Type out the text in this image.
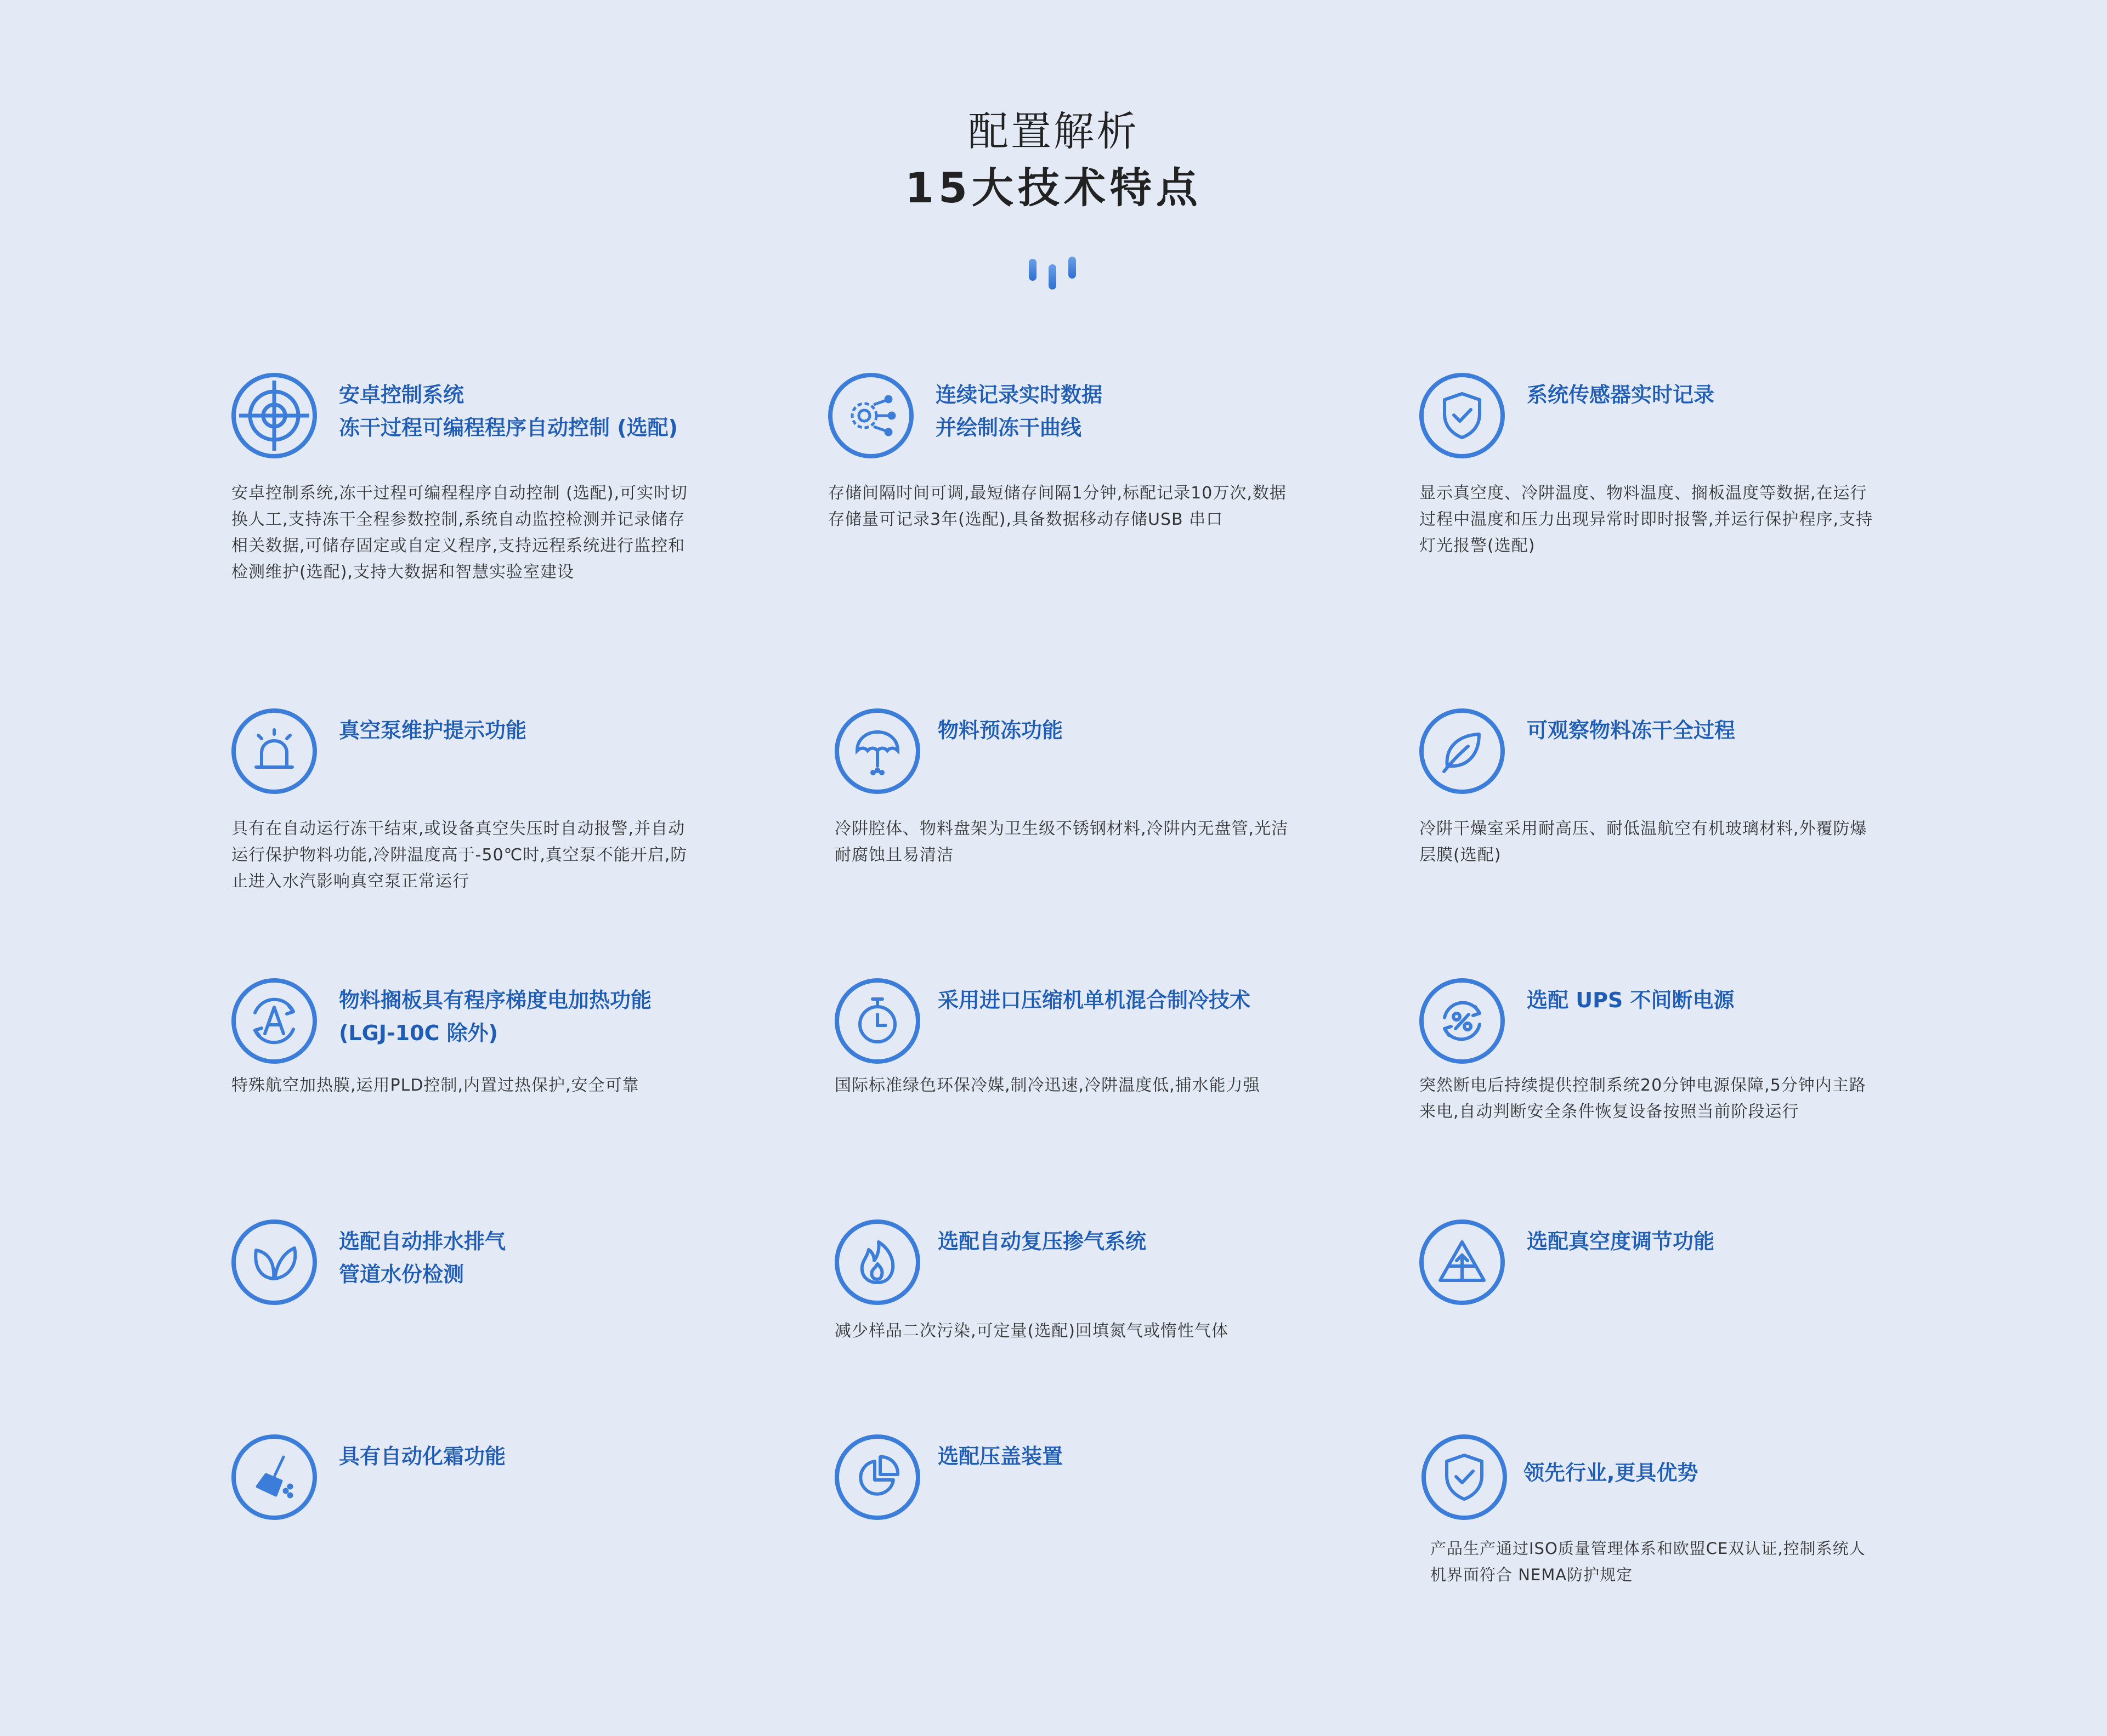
配置解析
15大技术特点
安卓控制系统
冻干过程可编程程序自动控制 (选配)
安卓控制系统,冻干过程可编程程序自动控制 (选配),可实时切换人工,支持冻干全程参数控制,系统自动监控检测并记录储存相关数据,可储存固定或自定义程序,支持远程系统进行监控和检测维护(选配),支持大数据和智慧实验室建设
连续记录实时数据
并绘制冻干曲线
存储间隔时间可调,最短储存间隔1分钟,标配记录10万次,数据存储量可记录3年(选配),具备数据移动存储USB 串口
系统传感器实时记录
显示真空度、冷阱温度、物料温度、搁板温度等数据,在运行过程中温度和压力出现异常时即时报警,并运行保护程序,支持灯光报警(选配)
真空泵维护提示功能
具有在自动运行冻干结束,或设备真空失压时自动报警,并自动运行保护物料功能,冷阱温度高于-50℃时,真空泵不能开启,防止进入水汽影响真空泵正常运行
物料预冻功能
冷阱腔体、物料盘架为卫生级不锈钢材料,冷阱内无盘管,光洁耐腐蚀且易清洁
可观察物料冻干全过程
冷阱干燥室采用耐高压、耐低温航空有机玻璃材料,外覆防爆层膜(选配)
物料搁板具有程序梯度电加热功能
(LGJ-10C 除外)
特殊航空加热膜,运用PLD控制,内置过热保护,安全可靠
采用进口压缩机单机混合制冷技术
国际标准绿色环保冷媒,制冷迅速,冷阱温度低,捕水能力强
选配 UPS 不间断电源
突然断电后持续提供控制系统20分钟电源保障,5分钟内主路来电,自动判断安全条件恢复设备按照当前阶段运行
选配自动排水排气
管道水份检测
选配自动复压掺气系统
减少样品二次污染,可定量(选配)回填氮气或惰性气体
选配真空度调节功能
具有自动化霜功能	选配压盖装置
领先行业,更具优势
产品生产通过ISO质量管理体系和欧盟CE双认证,控制系统人机界面符合 NEMA防护规定
